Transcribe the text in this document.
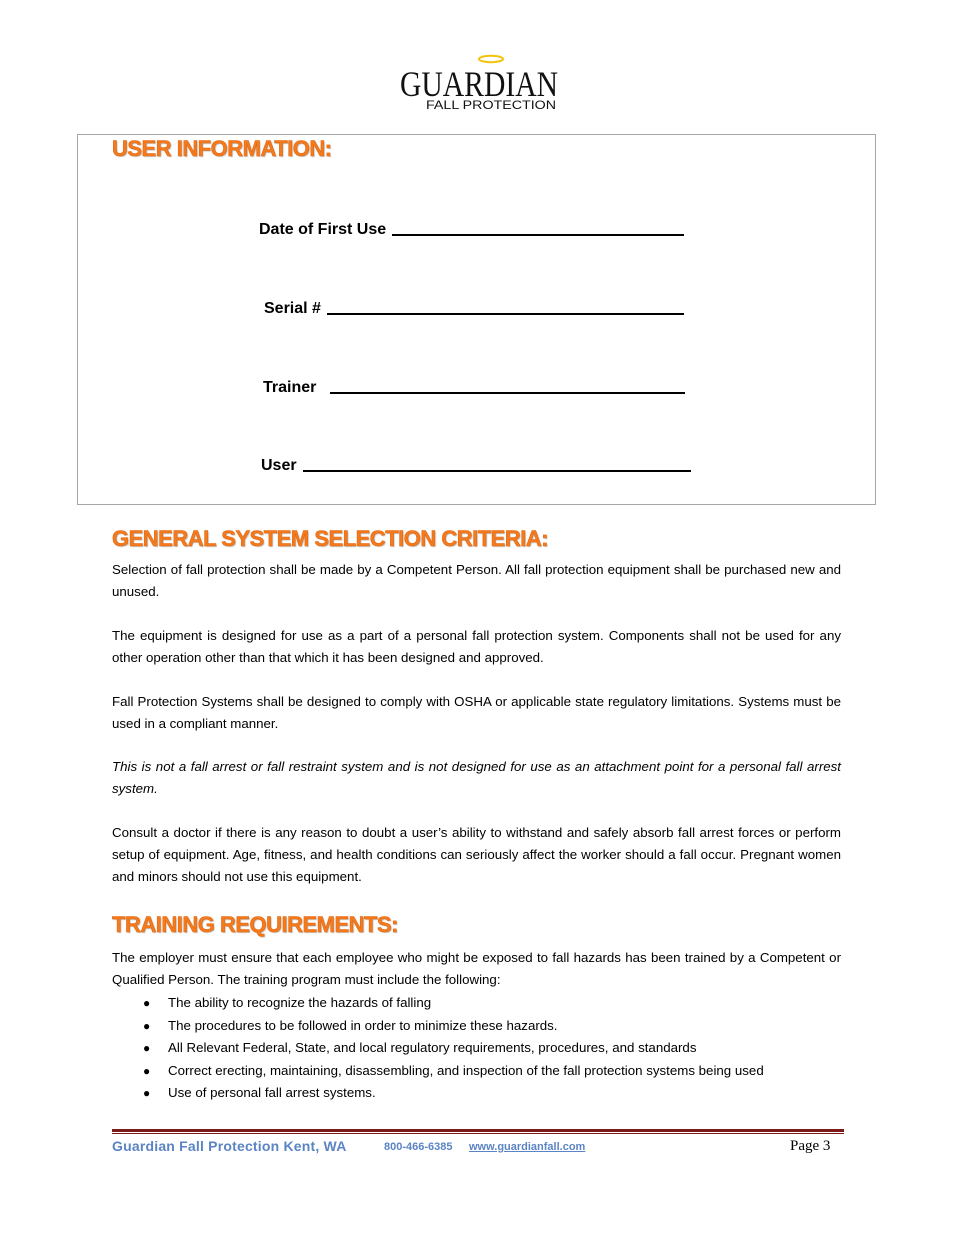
GUARDIAN
FALL PROTECTION
USER INFORMATION:
Date of First Use
Serial #
Trainer
User
GENERAL SYSTEM SELECTION CRITERIA:

Selection of fall protection shall be made by a Competent Person. All fall protection equipment shall be purchased new and unused.

The equipment is designed for use as a part of a personal fall protection system. Components shall not be used for any other operation other than that which it has been designed and approved.

Fall Protection Systems shall be designed to comply with OSHA or applicable state regulatory limitations. Systems must be used in a compliant manner.

This is not a fall arrest or fall restraint system and is not designed for use as an attachment point for a personal fall arrest system.

Consult a doctor if there is any reason to doubt a user’s ability to withstand and safely absorb fall arrest forces or perform setup of equipment. Age, fitness, and health conditions can seriously affect the worker should a fall occur. Pregnant women and minors should not use this equipment.

TRAINING REQUIREMENTS:

The employer must ensure that each employee who might be exposed to fall hazards has been trained by a Competent or Qualified Person. The training program must include the following:

● The ability to recognize the hazards of falling
● The procedures to be followed in order to minimize these hazards.
● All Relevant Federal, State, and local regulatory requirements, procedures, and standards
● Correct erecting, maintaining, disassembling, and inspection of the fall protection systems being used
● Use of personal fall arrest systems.
Guardian Fall Protection Kent, WA	800-466-6385 www.guardianfall.com	Page 3
